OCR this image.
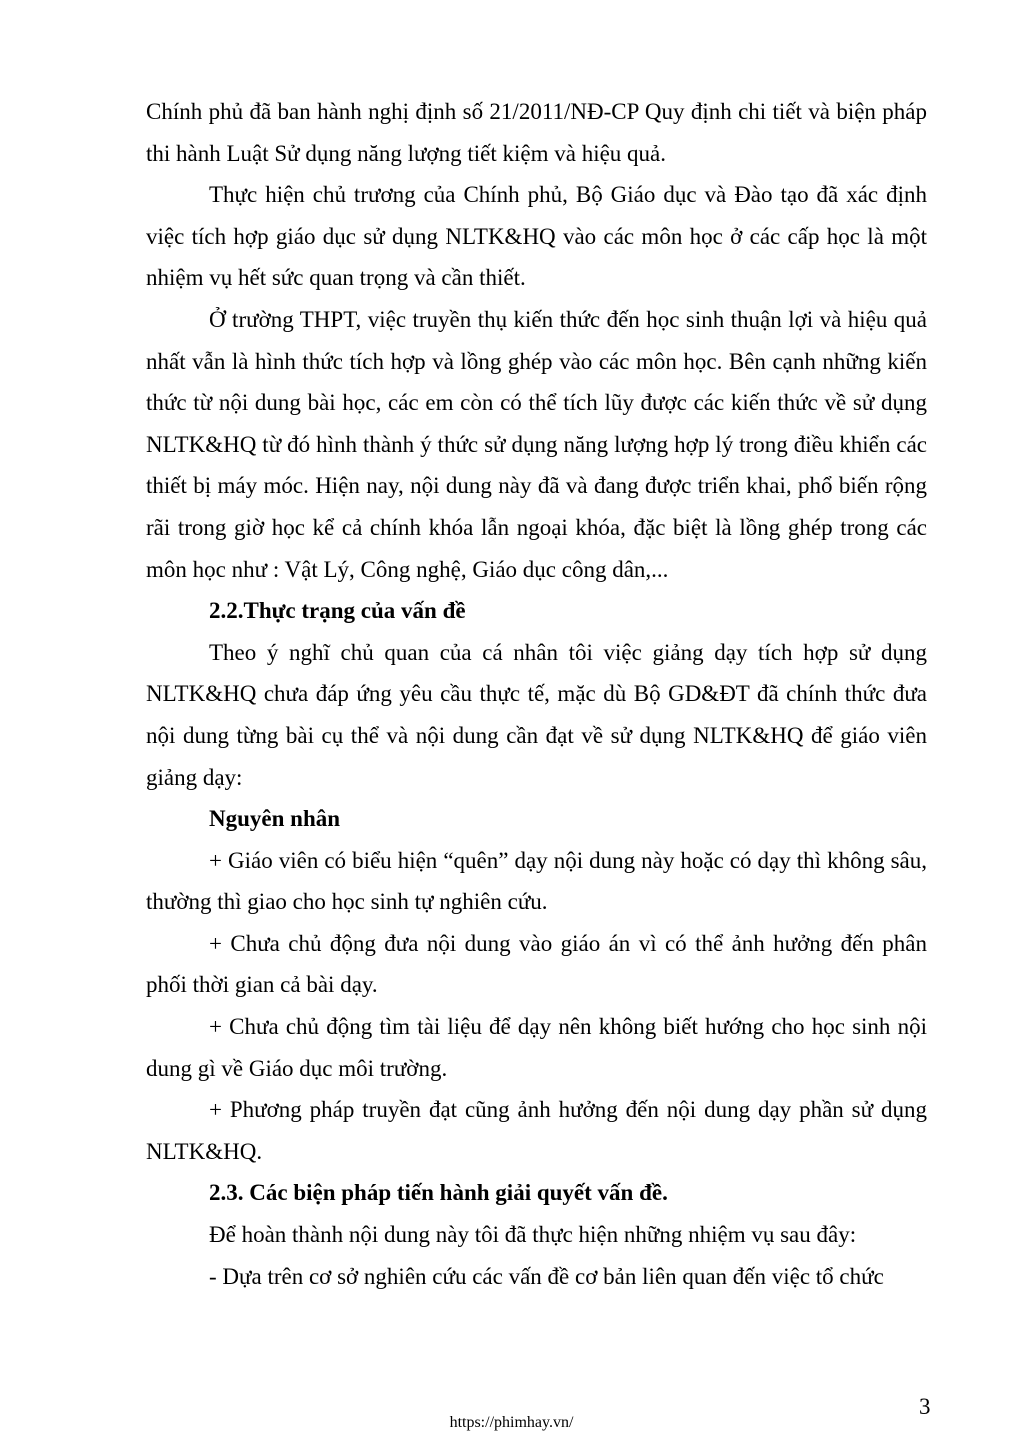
Chính phủ đã ban hành nghị định số 21/2011/NĐ-CP Quy định chi tiết và biện pháp thi hành Luật Sử dụng năng lượng tiết kiệm và hiệu quả.

Thực hiện chủ trương của Chính phủ, Bộ Giáo dục và Đào tạo đã xác định việc tích hợp giáo dục sử dụng NLTK&HQ vào các môn học ở các cấp học là một nhiệm vụ hết sức quan trọng và cần thiết.

Ở trường THPT, việc truyền thụ kiến thức đến học sinh thuận lợi và hiệu quả nhất vẫn là hình thức tích hợp và lồng ghép vào các môn học. Bên cạnh những kiến thức từ nội dung bài học, các em còn có thể tích lũy được các kiến thức về sử dụng NLTK&HQ từ đó hình thành ý thức sử dụng năng lượng hợp lý trong điều khiển các thiết bị máy móc. Hiện nay, nội dung này đã và đang được triển khai, phổ biến rộng rãi trong giờ học kể cả chính khóa lẫn ngoại khóa, đặc biệt là lồng ghép trong các môn học như : Vật Lý, Công nghệ, Giáo dục công dân,...

2.2.Thực trạng của vấn đề

Theo ý nghĩ chủ quan của cá nhân tôi việc giảng dạy tích hợp sử dụng NLTK&HQ chưa đáp ứng yêu cầu thực tế, mặc dù Bộ GD&ĐT đã chính thức đưa nội dung từng bài cụ thể và nội dung cần đạt về sử dụng NLTK&HQ để giáo viên giảng dạy:

Nguyên nhân

+ Giáo viên có biểu hiện “quên” dạy nội dung này hoặc có dạy thì không sâu, thường thì giao cho học sinh tự nghiên cứu.

+ Chưa chủ động đưa nội dung vào giáo án vì có thể ảnh hưởng đến phân phối thời gian cả bài dạy.

+ Chưa chủ động tìm tài liệu để dạy nên không biết hướng cho học sinh nội dung gì về Giáo dục môi trường.

+ Phương pháp truyền đạt cũng ảnh hưởng đến nội dung dạy phần sử dụng NLTK&HQ.

2.3. Các biện pháp tiến hành giải quyết vấn đề.

Để hoàn thành nội dung này tôi đã thực hiện những nhiệm vụ sau đây:

- Dựa trên cơ sở nghiên cứu các vấn đề cơ bản liên quan đến việc tổ chức

3
https://phimhay.vn/
